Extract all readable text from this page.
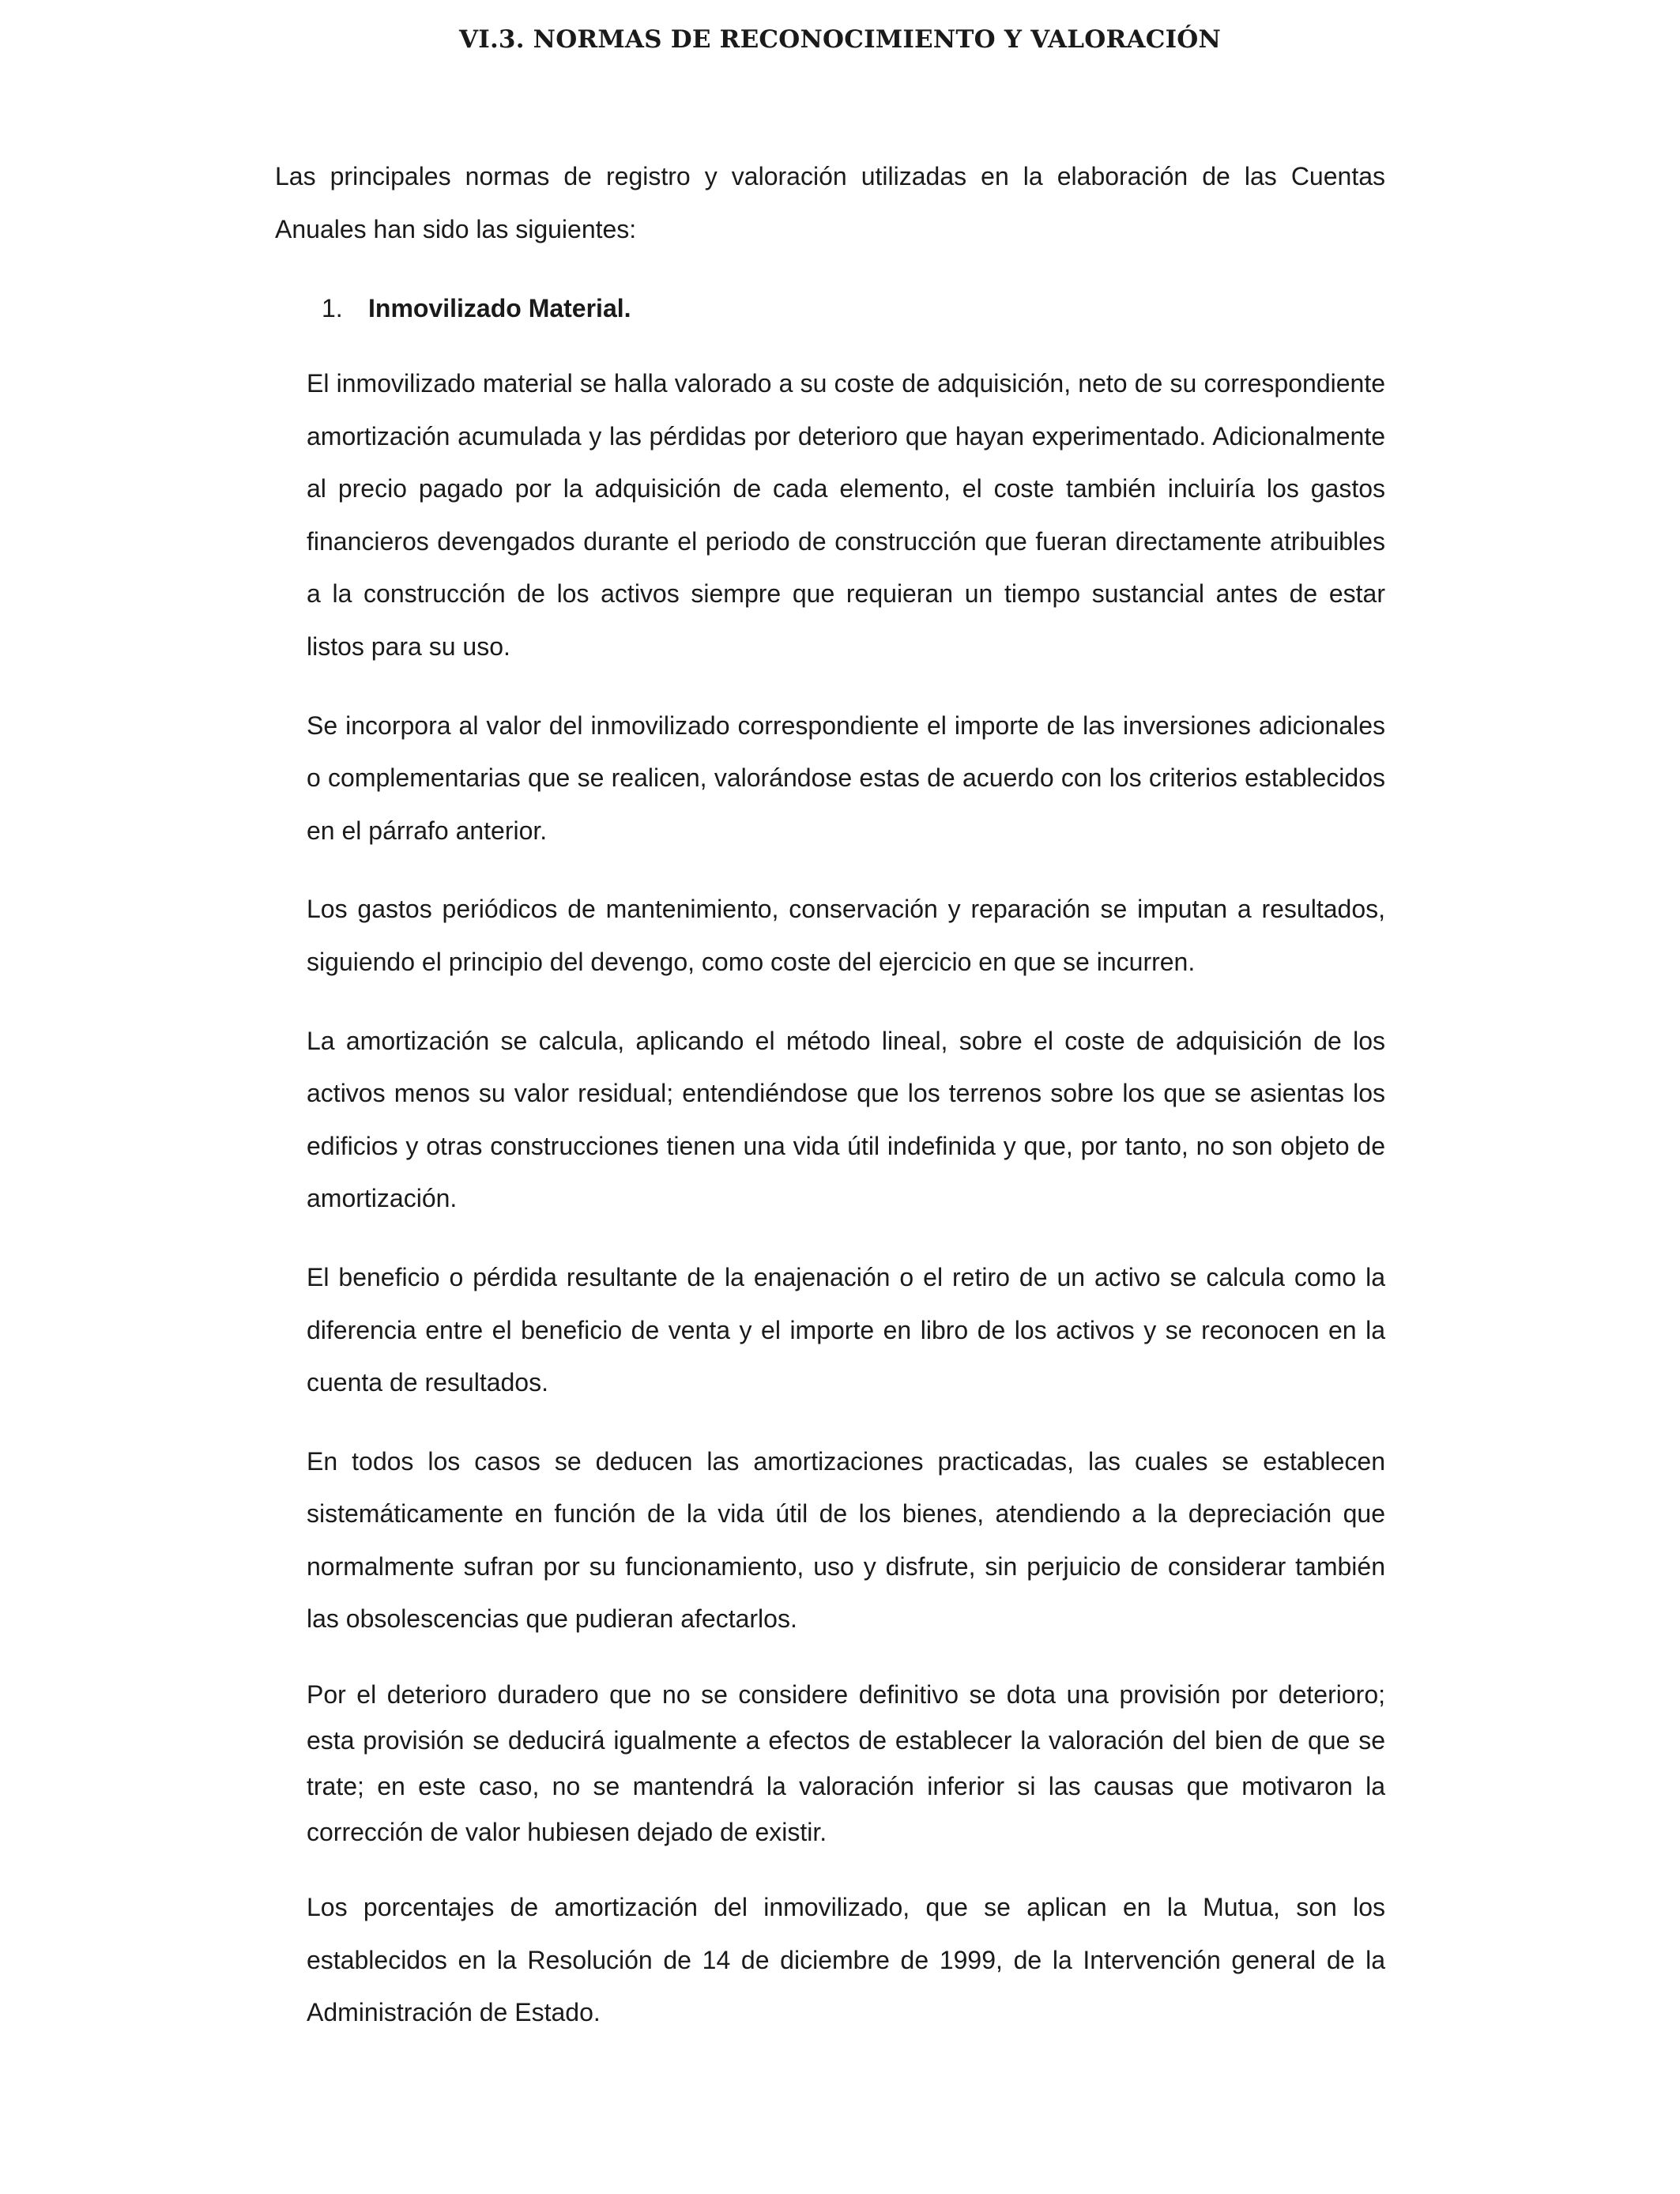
VI.3. NORMAS DE RECONOCIMIENTO Y VALORACIÓN

Las principales normas de registro y valoración utilizadas en la elaboración de las Cuentas Anuales han sido las siguientes:

1. Inmovilizado Material.

El inmovilizado material se halla valorado a su coste de adquisición, neto de su correspondiente amortización acumulada y las pérdidas por deterioro que hayan experimentado. Adicionalmente al precio pagado por la adquisición de cada elemento, el coste también incluiría los gastos financieros devengados durante el periodo de construcción que fueran directamente atribuibles a la construcción de los activos siempre que requieran un tiempo sustancial antes de estar listos para su uso.

Se incorpora al valor del inmovilizado correspondiente el importe de las inversiones adicionales o complementarias que se realicen, valorándose estas de acuerdo con los criterios establecidos en el párrafo anterior.

Los gastos periódicos de mantenimiento, conservación y reparación se imputan a resultados, siguiendo el principio del devengo, como coste del ejercicio en que se incurren.

La amortización se calcula, aplicando el método lineal, sobre el coste de adquisición de los activos menos su valor residual; entendiéndose que los terrenos sobre los que se asientas los edificios y otras construcciones tienen una vida útil indefinida y que, por tanto, no son objeto de amortización.

El beneficio o pérdida resultante de la enajenación o el retiro de un activo se calcula como la diferencia entre el beneficio de venta y el importe en libro de los activos y se reconocen en la cuenta de resultados.

En todos los casos se deducen las amortizaciones practicadas, las cuales se establecen sistemáticamente en función de la vida útil de los bienes, atendiendo a la depreciación que normalmente sufran por su funcionamiento, uso y disfrute, sin perjuicio de considerar también las obsolescencias que pudieran afectarlos.

Por el deterioro duradero que no se considere definitivo se dota una provisión por deterioro; esta provisión se deducirá igualmente a efectos de establecer la valoración del bien de que se trate; en este caso, no se mantendrá la valoración inferior si las causas que motivaron la corrección de valor hubiesen dejado de existir.

Los porcentajes de amortización del inmovilizado, que se aplican en la Mutua, son los establecidos en la Resolución de 14 de diciembre de 1999, de la Intervención general de la Administración de Estado.
